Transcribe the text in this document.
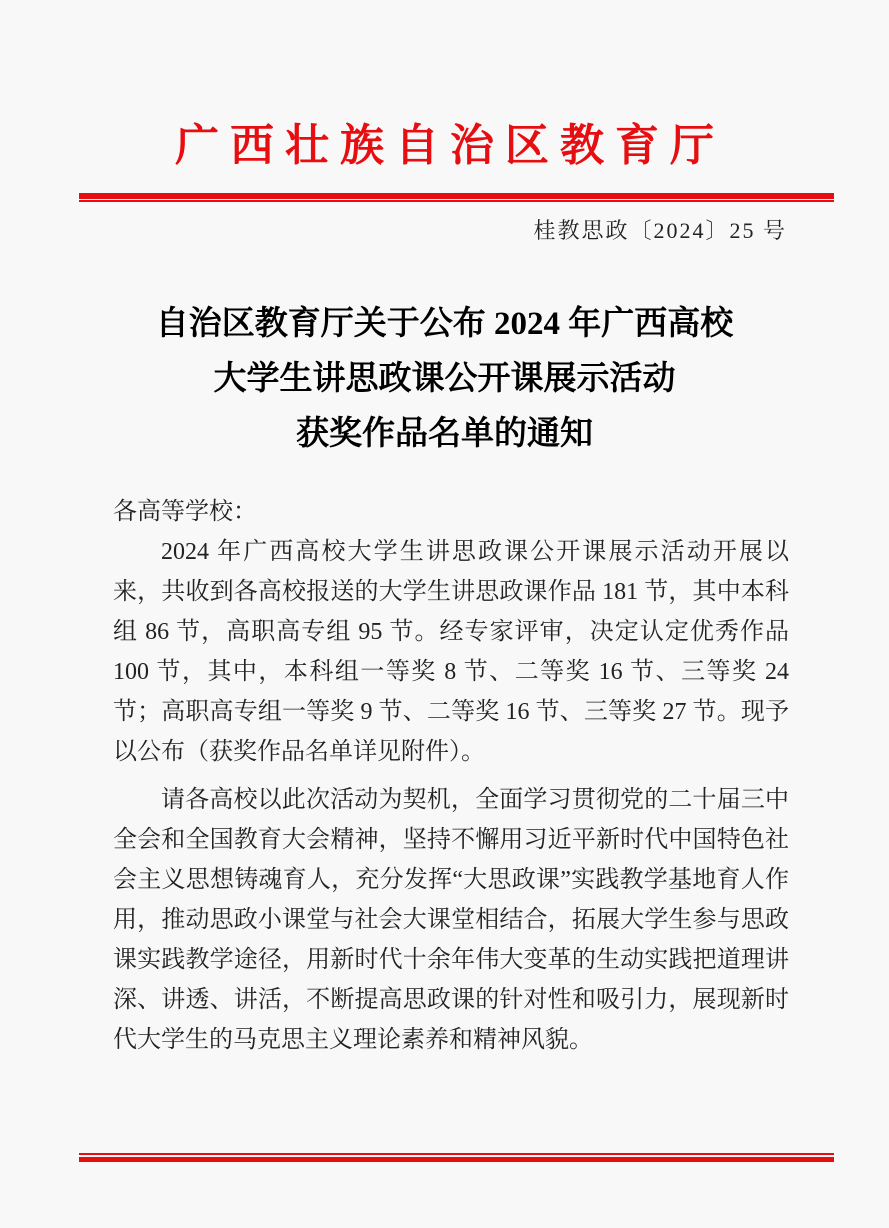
广西壮族自治区教育厅
桂教思政〔2024〕25 号
自治区教育厅关于公布 2024 年广西高校
大学生讲思政课公开课展示活动
获奖作品名单的通知

各高等学校：

2024 年广西高校大学生讲思政课公开课展示活动开展以来，共收到各高校报送的大学生讲思政课作品 181 节，其中本科组 86 节，高职高专组 95 节。经专家评审，决定认定优秀作品 100 节，其中，本科组一等奖 8 节、二等奖 16 节、三等奖 24 节；高职高专组一等奖 9 节、二等奖 16 节、三等奖 27 节。现予以公布（获奖作品名单详见附件）。

请各高校以此次活动为契机，全面学习贯彻党的二十届三中全会和全国教育大会精神，坚持不懈用习近平新时代中国特色社会主义思想铸魂育人，充分发挥“大思政课”实践教学基地育人作用，推动思政小课堂与社会大课堂相结合，拓展大学生参与思政课实践教学途径，用新时代十余年伟大变革的生动实践把道理讲深、讲透、讲活，不断提高思政课的针对性和吸引力，展现新时代大学生的马克思主义理论素养和精神风貌。
